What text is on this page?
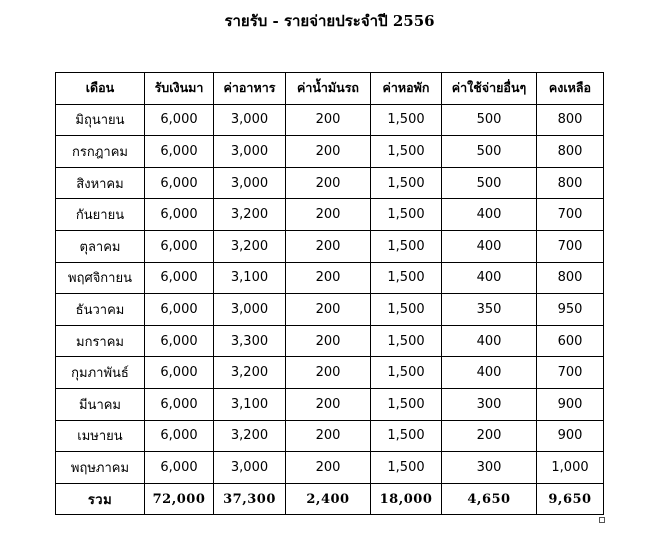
รายรับ - รายจ่ายประจำปี 2556
เดือน	รับเงินมา	ค่าอาหาร	ค่าน้ำมันรถ	ค่าหอพัก	ค่าใช้จ่ายอื่นๆ	คงเหลือ
มิถุนายน	6,000	3,000	200	1,500	500	800
กรกฎาคม	6,000	3,000	200	1,500	500	800
สิงหาคม	6,000	3,000	200	1,500	500	800
กันยายน	6,000	3,200	200	1,500	400	700
ตุลาคม	6,000	3,200	200	1,500	400	700
พฤศจิกายน	6,000	3,100	200	1,500	400	800
ธันวาคม	6,000	3,000	200	1,500	350	950
มกราคม	6,000	3,300	200	1,500	400	600
กุมภาพันธ์	6,000	3,200	200	1,500	400	700
มีนาคม	6,000	3,100	200	1,500	300	900
เมษายน	6,000	3,200	200	1,500	200	900
พฤษภาคม	6,000	3,000	200	1,500	300	1,000
รวม	72,000	37,300	2,400	18,000	4,650	9,650
